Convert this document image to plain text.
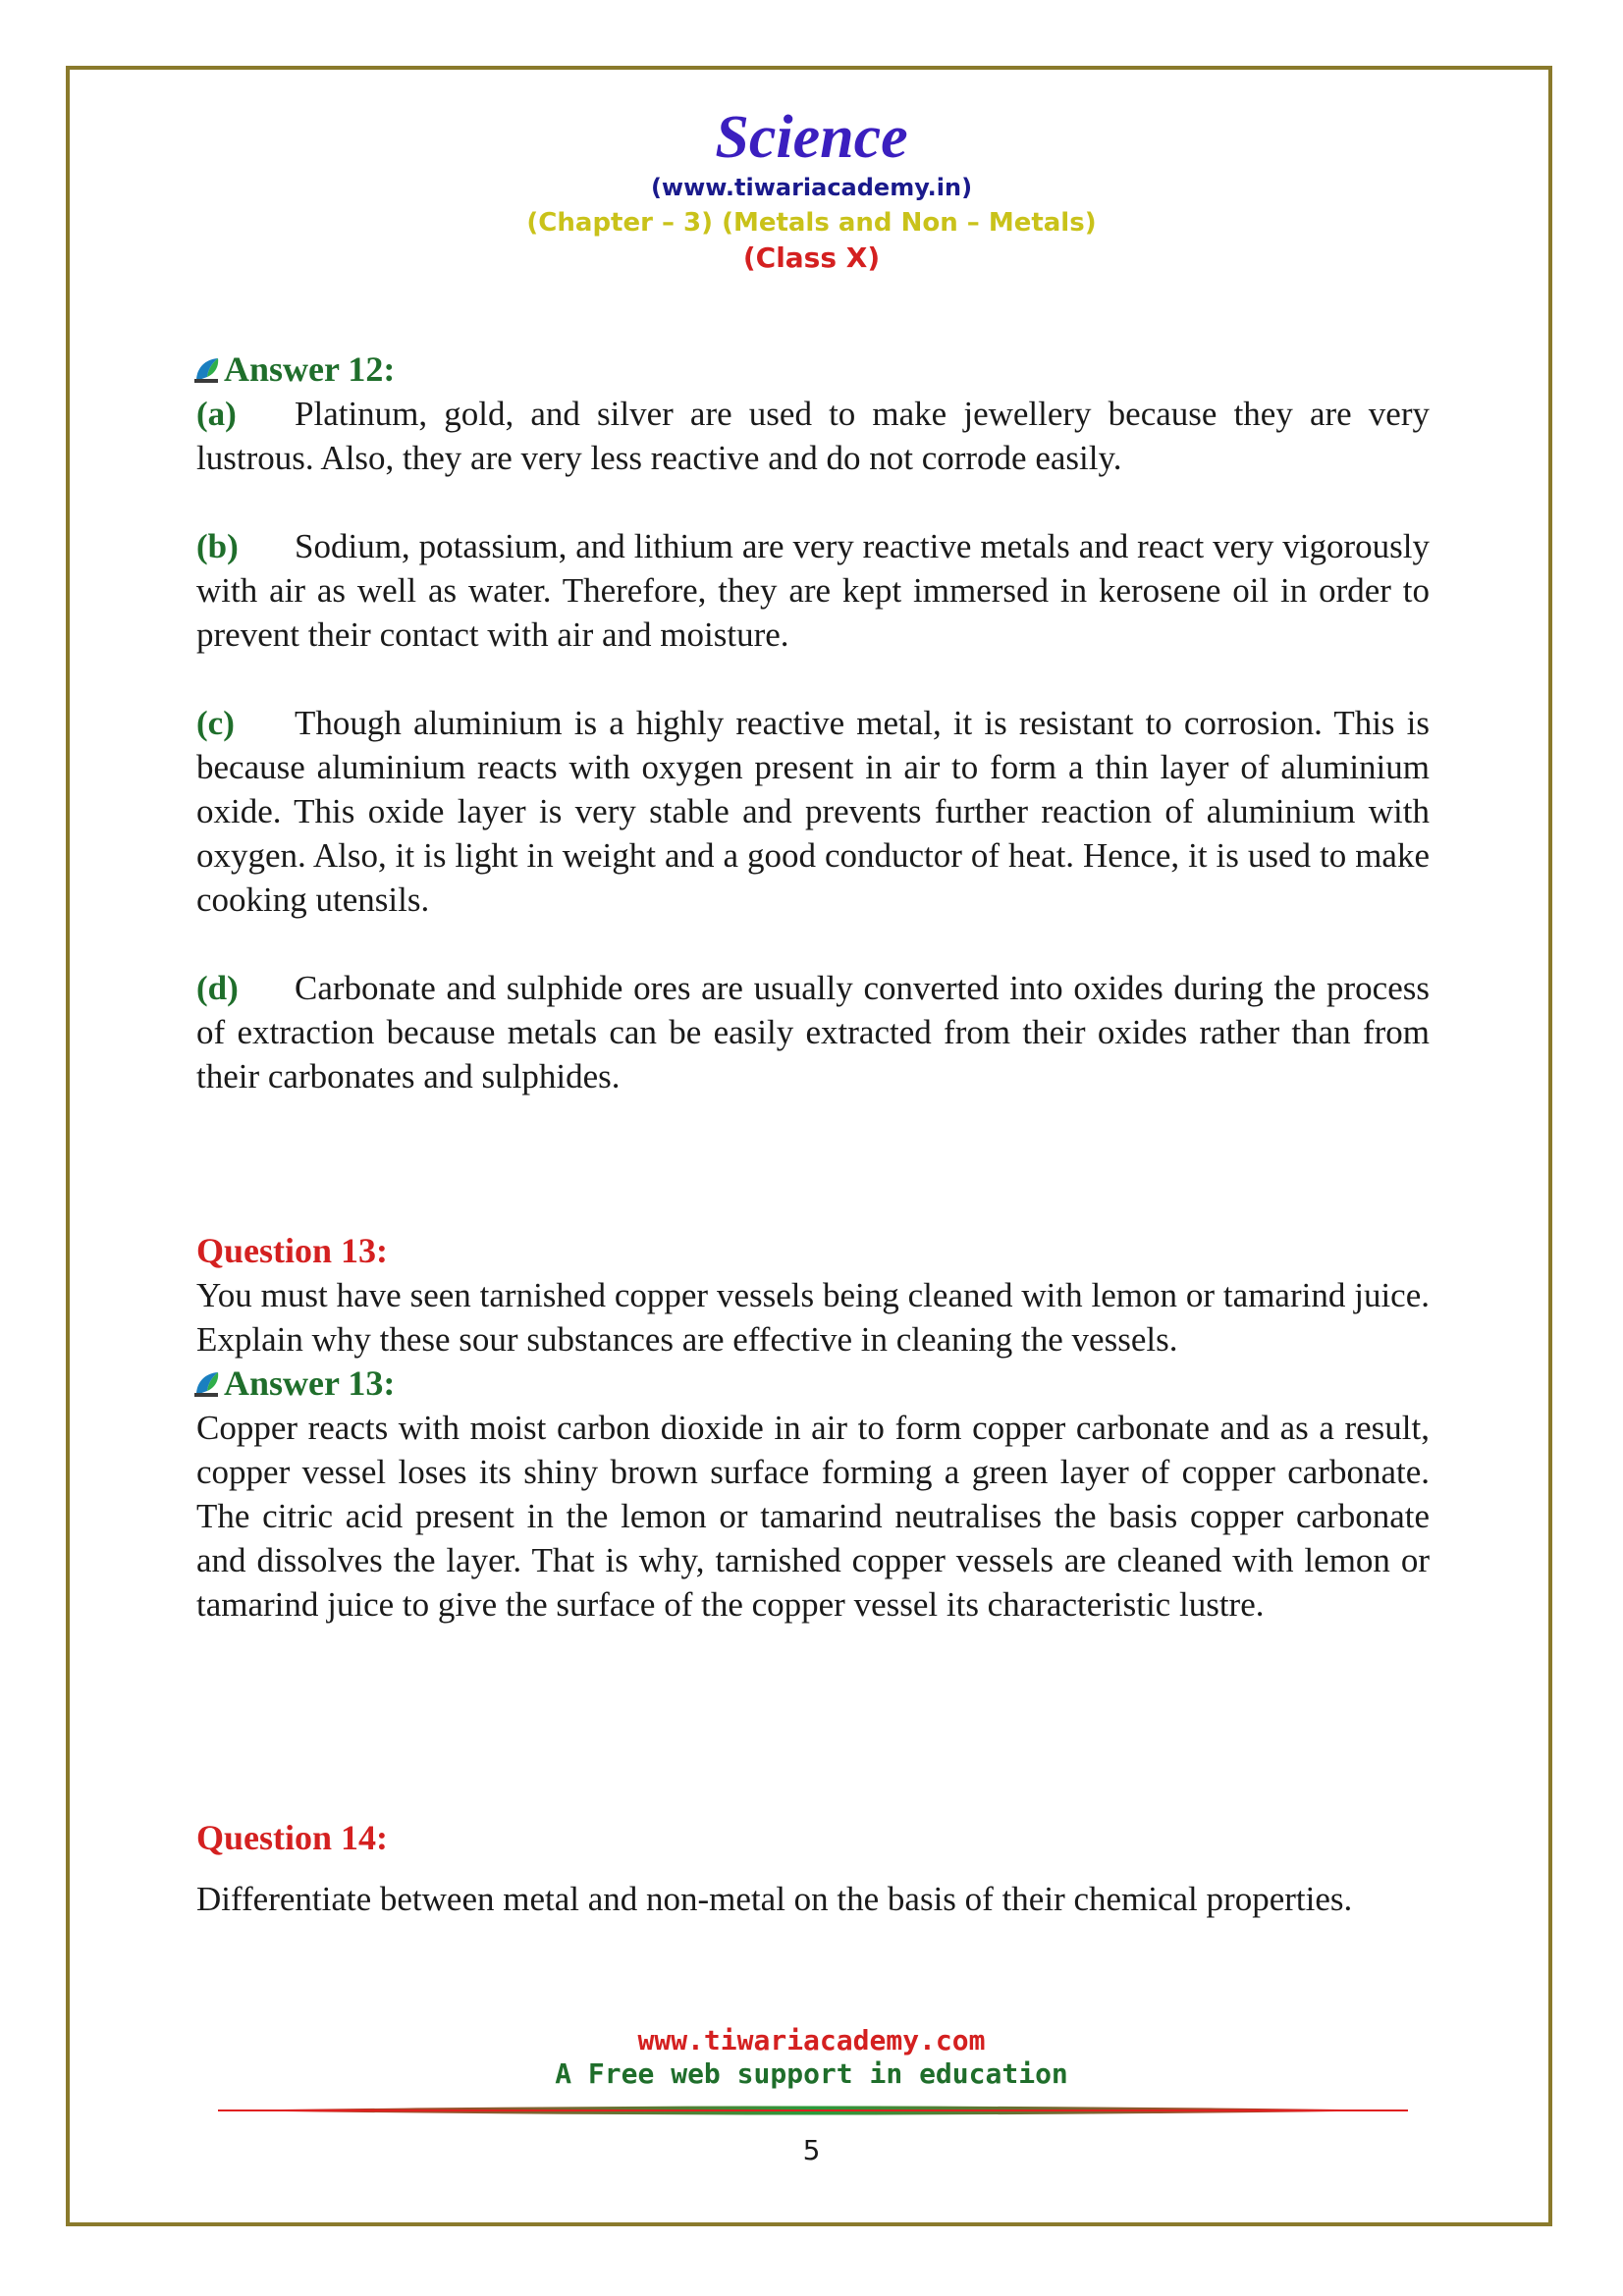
Science
(www.tiwariacademy.in)
(Chapter – 3) (Metals and Non – Metals)
(Class X)
Answer 12:
(a) Platinum, gold, and silver are used to make jewellery because they are very lustrous. Also, they are very less reactive and do not corrode easily.
(b) Sodium, potassium, and lithium are very reactive metals and react very vigorously with air as well as water. Therefore, they are kept immersed in kerosene oil in order to prevent their contact with air and moisture.
(c) Though aluminium is a highly reactive metal, it is resistant to corrosion. This is because aluminium reacts with oxygen present in air to form a thin layer of aluminium oxide. This oxide layer is very stable and prevents further reaction of aluminium with oxygen. Also, it is light in weight and a good conductor of heat. Hence, it is used to make cooking utensils.
(d) Carbonate and sulphide ores are usually converted into oxides during the process of extraction because metals can be easily extracted from their oxides rather than from their carbonates and sulphides.
Question 13:
You must have seen tarnished copper vessels being cleaned with lemon or tamarind juice. Explain why these sour substances are effective in cleaning the vessels.
Answer 13:
Copper reacts with moist carbon dioxide in air to form copper carbonate and as a result, copper vessel loses its shiny brown surface forming a green layer of copper carbonate. The citric acid present in the lemon or tamarind neutralises the basis copper carbonate and dissolves the layer. That is why, tarnished copper vessels are cleaned with lemon or tamarind juice to give the surface of the copper vessel its characteristic lustre.
Question 14:
Differentiate between metal and non-metal on the basis of their chemical properties.
www.tiwariacademy.com
A Free web support in education
5
